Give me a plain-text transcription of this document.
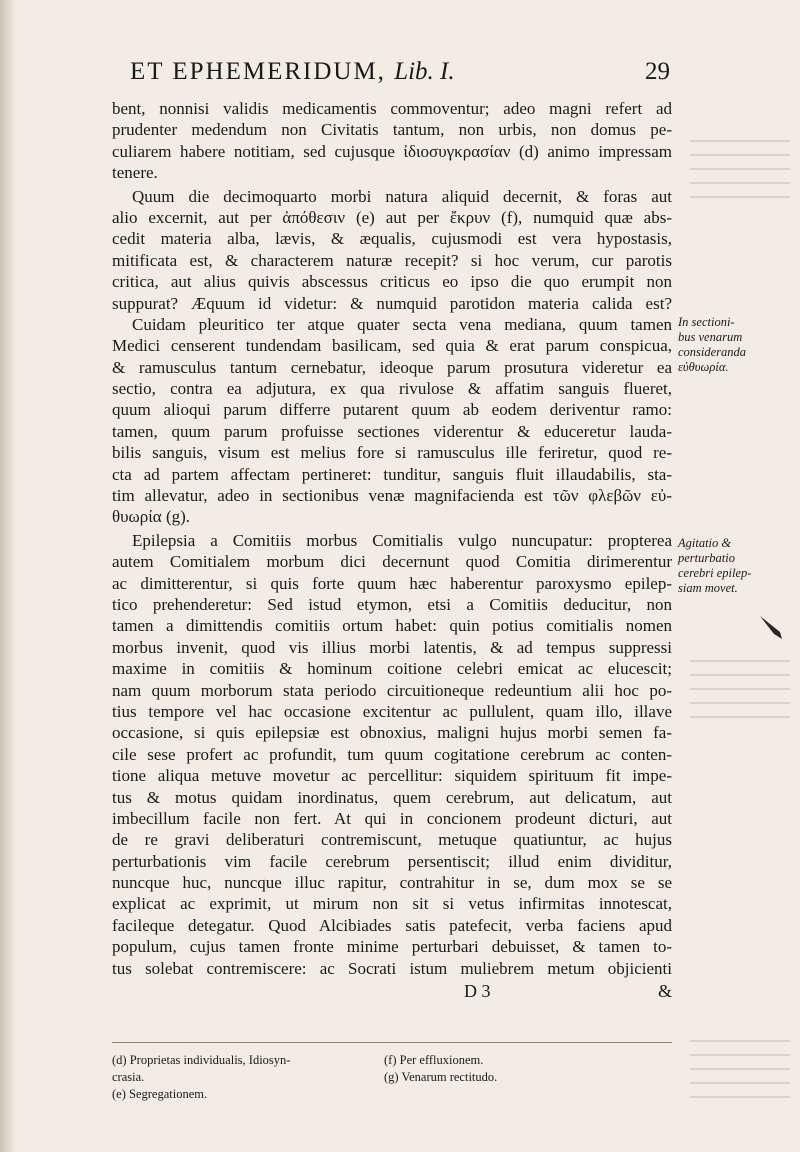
ET EPHEMERIDUM, Lib. I.	29
bent, nonnisi validis medicamentis commoventur; adeo magni refert ad
prudenter medendum non Civitatis tantum, non urbis, non domus pe-
culiarem habere notitiam, sed cujusque ἰδιοσυγκρασίαν (d) animo impressam
tenere.
Quum die decimoquarto morbi natura aliquid decernit, & foras aut
alio excernit, aut per ἀπόθεσιν (e) aut per ἔκρυν (f), numquid quæ abs-
cedit materia alba, lævis, & æqualis, cujusmodi est vera hypostasis,
mitificata est, & characterem naturæ recepit? si hoc verum, cur parotis
critica, aut alius quivis abscessus criticus eo ipso die quo erumpit non
suppurat? Æquum id videtur: & numquid parotidon materia calida est?
Cuidam pleuritico ter atque quater secta vena mediana, quum tamen
Medici censerent tundendam basilicam, sed quia & erat parum conspicua,
& ramusculus tantum cernebatur, ideoque parum prosutura videretur ea
sectio, contra ea adjutura, ex qua rivulose & affatim sanguis flueret,
quum alioqui parum differre putarent quum ab eodem deriventur ramo:
tamen, quum parum profuisse sectiones viderentur & educeretur lauda-
bilis sanguis, visum est melius fore si ramusculus ille feriretur, quod re-
cta ad partem affectam pertineret: tunditur, sanguis fluit illaudabilis, sta-
tim allevatur, adeo in sectionibus venæ magnifacienda est τῶν φλεβῶν εὐ-
θυωρία (g).
Epilepsia a Comitiis morbus Comitialis vulgo nuncupatur: propterea
autem Comitialem morbum dici decernunt quod Comitia dirimerentur
ac dimitterentur, si quis forte quum hæc haberentur paroxysmo epilep-
tico prehenderetur: Sed istud etymon, etsi a Comitiis deducitur, non
tamen a dimittendis comitiis ortum habet: quin potius comitialis nomen
morbus invenit, quod vis illius morbi latentis, & ad tempus suppressi
maxime in comitiis & hominum coitione celebri emicat ac elucescit;
nam quum morborum stata periodo circuitioneque redeuntium alii hoc po-
tius tempore vel hac occasione excitentur ac pullulent, quam illo, illave
occasione, si quis epilepsiæ est obnoxius, maligni hujus morbi semen fa-
cile sese profert ac profundit, tum quum cogitatione cerebrum ac conten-
tione aliqua metuve movetur ac percellitur: siquidem spirituum fit impe-
tus & motus quidam inordinatus, quem cerebrum, aut delicatum, aut
imbecillum facile non fert. At qui in concionem prodeunt dicturi, aut
de re gravi deliberaturi contremiscunt, metuque quatiuntur, ac hujus
perturbationis vim facile cerebrum persentiscit; illud enim dividitur,
nuncque huc, nuncque illuc rapitur, contrahitur in se, dum mox se se
explicat ac exprimit, ut mirum non sit si vetus infirmitas innotescat,
facileque detegatur. Quod Alcibiades satis patefecit, verba faciens apud
populum, cujus tamen fronte minime perturbari debuisset, & tamen to-
tus solebat contremiscere: ac Socrati istum muliebrem metum objicienti
D 3	&
In sectioni-
bus venarum
consideranda
εὐθυωρία.
Agitatio &
perturbatio
cerebri epilep-
siam movet.
(d) Proprietas individualis, Idiosyn-
crasia.
(e) Segregationem.
(f) Per effluxionem.
(g) Venarum rectitudo.
